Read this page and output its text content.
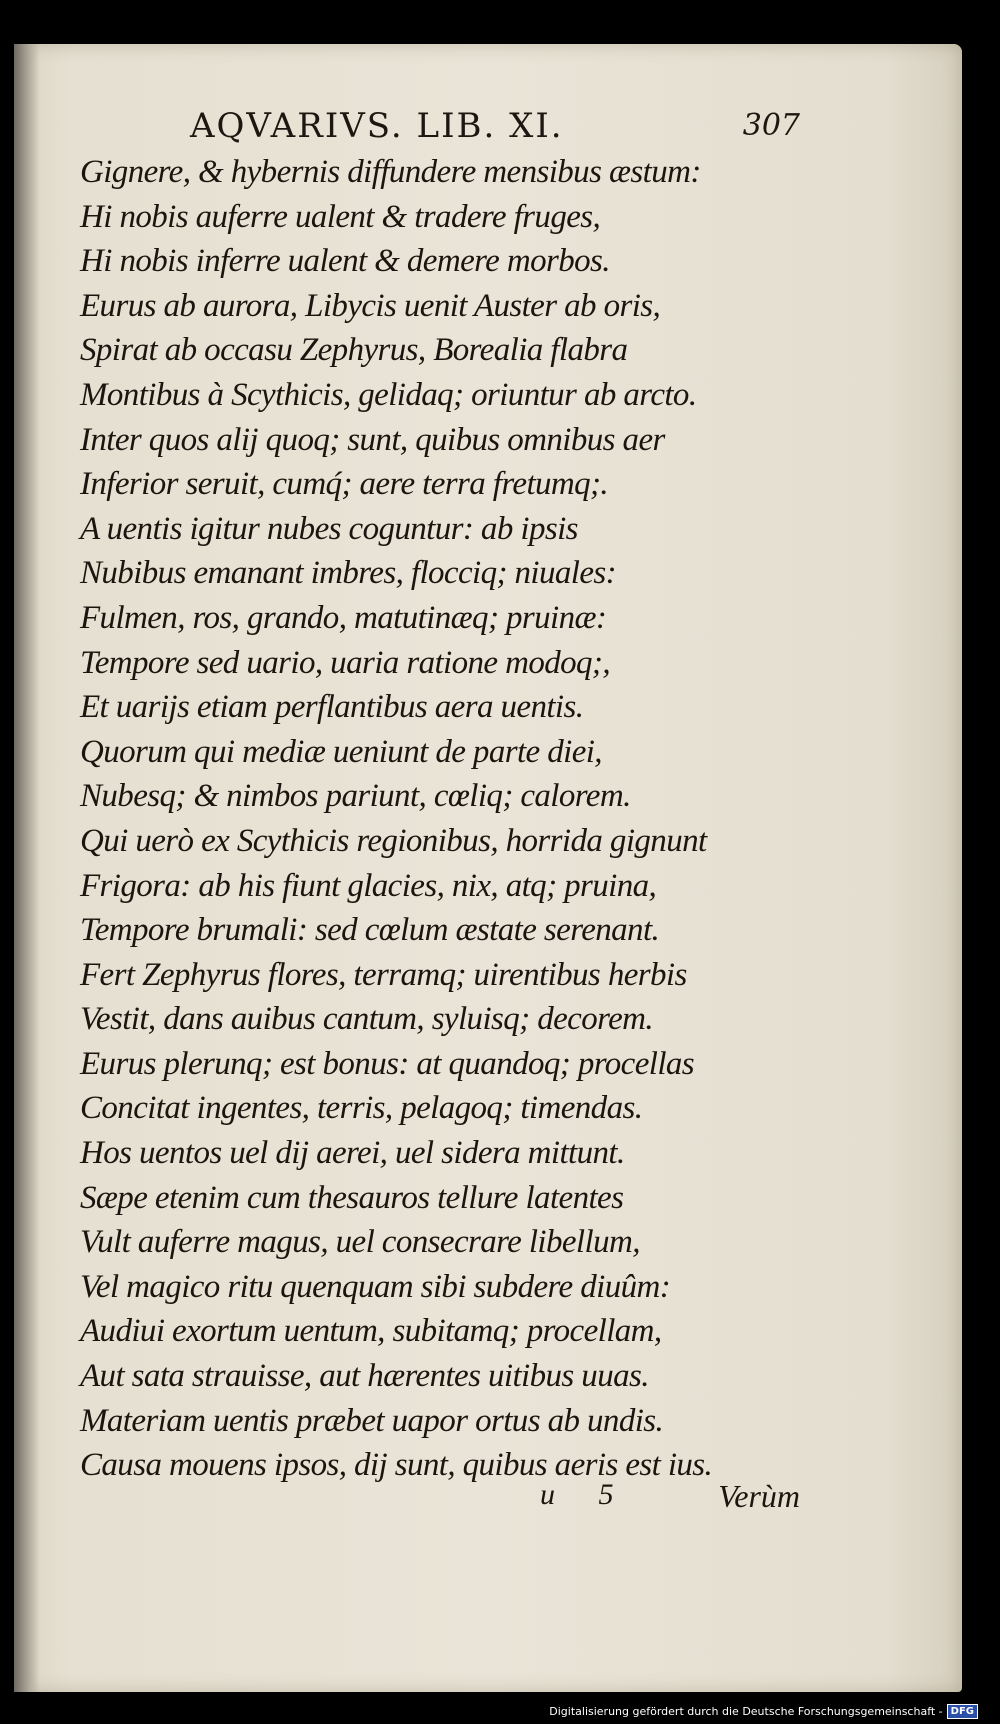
AQVARIVS. LIB. XI.	307
Gignere, & hybernis diffundere mensibus æstum:
Hi nobis auferre ualent & tradere fruges,
Hi nobis inferre ualent & demere morbos.
Eurus ab aurora, Libycis uenit Auster ab oris,
Spirat ab occasu Zephyrus, Borealia flabra
Montibus à Scythicis, gelidaq; oriuntur ab arcto.
Inter quos alij quoq; sunt, quibus omnibus aer
Inferior seruit, cumq́; aere terra fretumq;.
A uentis igitur nubes coguntur: ab ipsis
Nubibus emanant imbres, flocciq; niuales:
Fulmen, ros, grando, matutinæq; pruinæ:
Tempore sed uario, uaria ratione modoq;,
Et uarijs etiam perflantibus aera uentis.
Quorum qui mediæ ueniunt de parte diei,
Nubesq; & nimbos pariunt, cœliq; calorem.
Qui uerò ex Scythicis regionibus, horrida gignunt
Frigora: ab his fiunt glacies, nix, atq; pruina,
Tempore brumali: sed cœlum æstate serenant.
Fert Zephyrus flores, terramq; uirentibus herbis
Vestit, dans auibus cantum, syluisq; decorem.
Eurus plerunq; est bonus: at quandoq; procellas
Concitat ingentes, terris, pelagoq; timendas.
Hos uentos uel dij aerei, uel sidera mittunt.
Sæpe etenim cum thesauros tellure latentes
Vult auferre magus, uel consecrare libellum,
Vel magico ritu quenquam sibi subdere diuûm:
Audiui exortum uentum, subitamq; procellam,
Aut sata strauisse, aut hærentes uitibus uuas.
Materiam uentis præbet uapor ortus ab undis.
Causa mouens ipsos, dij sunt, quibus aeris est ius.
u 5	Verùm
Digitalisierung gefördert durch die Deutsche Forschungsgemeinschaft - DFG
